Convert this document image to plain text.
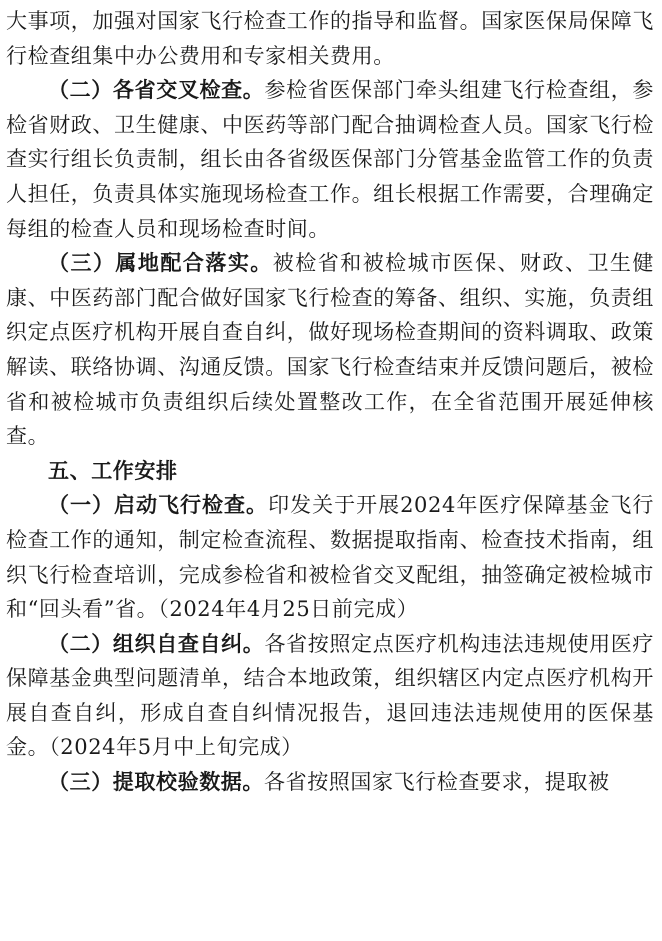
大事项，加强对国家飞行检查工作的指导和监督。国家医保局保障飞行检查组集中办公费用和专家相关费用。

（二）各省交叉检查。参检省医保部门牵头组建飞行检查组，参检省财政、卫生健康、中医药等部门配合抽调检查人员。国家飞行检查实行组长负责制，组长由各省级医保部门分管基金监管工作的负责人担任，负责具体实施现场检查工作。组长根据工作需要，合理确定每组的检查人员和现场检查时间。

（三）属地配合落实。被检省和被检城市医保、财政、卫生健康、中医药部门配合做好国家飞行检查的筹备、组织、实施，负责组织定点医疗机构开展自查自纠，做好现场检查期间的资料调取、政策解读、联络协调、沟通反馈。国家飞行检查结束并反馈问题后，被检省和被检城市负责组织后续处置整改工作，在全省范围开展延伸核查。

五、工作安排

（一）启动飞行检查。印发关于开展2024年医疗保障基金飞行检查工作的通知，制定检查流程、数据提取指南、检查技术指南，组织飞行检查培训，完成参检省和被检省交叉配组，抽签确定被检城市和“回头看”省。（2024年4月25日前完成）

（二）组织自查自纠。各省按照定点医疗机构违法违规使用医疗保障基金典型问题清单，结合本地政策，组织辖区内定点医疗机构开展自查自纠，形成自查自纠情况报告，退回违法违规使用的医保基金。（2024年5月中上旬完成）

（三）提取校验数据。各省按照国家飞行检查要求，提取被
